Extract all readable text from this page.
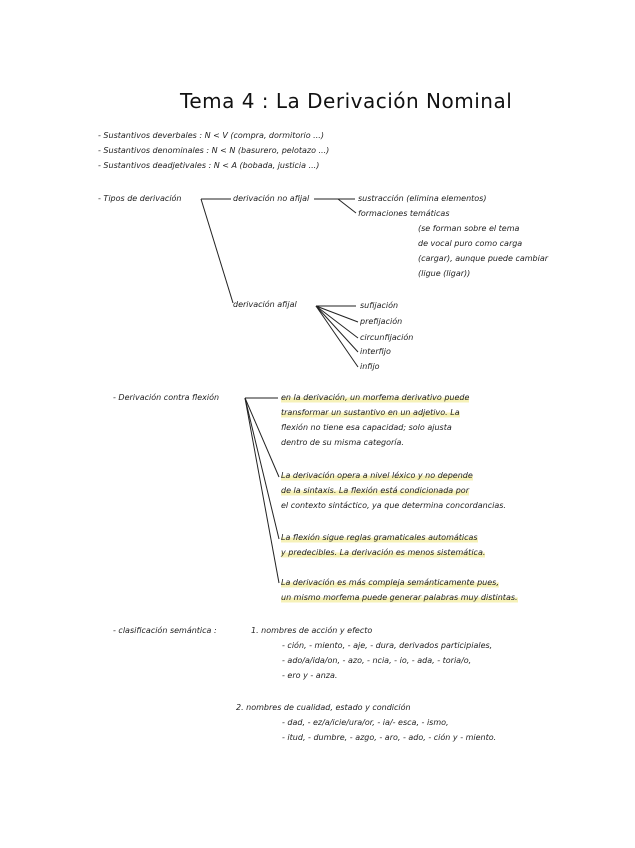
Tema 4 : La Derivación Nominal
- Sustantivos deverbales : N < V (compra, dormitorio ...)
- Sustantivos denominales : N < N (basurero, pelotazo ...)
- Sustantivos deadjetivales : N < A (bobada, justicia ...)
- Tipos de derivación	derivación no afijal	sustracción (elimina elementos)
formaciones temáticas
(se forman sobre el tema
de vocal puro como carga
(cargar), aunque puede cambiar
(ligue (ligar))
derivación afijal	sufijación
prefijación
circunfijación
interfijo
infijo
- Derivación contra flexión	en la derivación, un morfema derivativo puede
transformar un sustantivo en un adjetivo. La
flexión no tiene esa capacidad; solo ajusta
dentro de su misma categoría.
La derivación opera a nivel léxico y no depende
de la sintaxis. La flexión está condicionada por
el contexto sintáctico, ya que determina concordancias.
La flexión sigue reglas gramaticales automáticas
y predecibles. La derivación es menos sistemática.
La derivación es más compleja semánticamente pues,
un mismo morfema puede generar palabras muy distintas.
- clasificación semántica :	1. nombres de acción y efecto
- ción, - miento, - aje, - dura, derivados participiales,
- ado/a/ida/on, - azo, - ncia, - io, - ada, - toria/o,
- ero y - anza.
2. nombres de cualidad, estado y condición
- dad, - ez/a/icie/ura/or, - ia/- esca, - ismo,
- itud, - dumbre, - azgo, - aro, - ado, - ción y - miento.
